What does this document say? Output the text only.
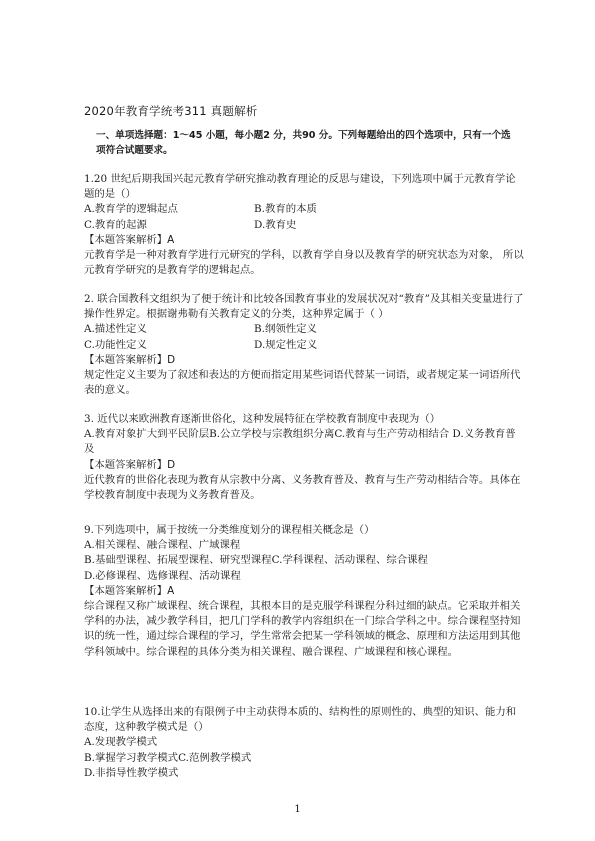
2020年教育学统考311 真题解析
一、单项选择题：1～45 小题，每小题2 分，共90 分。下列每题给出的四个选项中，只有一个选项符合试题要求。

1.20 世纪后期我国兴起元教育学研究推动教育理论的反思与建设，下列选项中属于元教育学论题的是（）

A.教育学的逻辑起点	B.教育的本质
C.教育的起源	D.教育史
【本题答案解析】A

元教育学是一种对教育学进行元研究的学科，以教育学自身以及教育学的研究状态为对象， 所以元教育学研究的是教育学的逻辑起点。

2. 联合国教科文组织为了便于统计和比较各国教育事业的发展状况对“教育”及其相关变量进行了操作性界定。根据谢弗勒有关教育定义的分类，这种界定属于（ ）

A.描述性定义	B.纲领性定义
C.功能性定义	D.规定性定义
【本题答案解析】D

规定性定义主要为了叙述和表达的方便而指定用某些词语代替某一词语，或者规定某一词语所代表的意义。

3. 近代以来欧洲教育逐渐世俗化，这种发展特征在学校教育制度中表现为（）

A.教育对象扩大到平民阶层B.公立学校与宗教组织分离C.教育与生产劳动相结合 D.义务教育普及

【本题答案解析】D

近代教育的世俗化表现为教育从宗教中分离、义务教育普及、教育与生产劳动相结合等。具体在学校教育制度中表现为义务教育普及。

9.下列选项中，属于按统一分类维度划分的课程相关概念是（）

A.相关课程、融合课程、广域课程
B.基础型课程、拓展型课程、研究型课程C.学科课程、活动课程、综合课程
D.必修课程、选修课程、活动课程
【本题答案解析】A

综合课程又称广域课程、统合课程，其根本目的是克服学科课程分科过细的缺点。它采取并相关学科的办法，减少教学科目，把几门学科的教学内容组织在一门综合学科之中。综合课程坚持知识的统一性，通过综合课程的学习，学生常常会把某一学科领域的概念、原理和方法运用到其他学科领域中。综合课程的具体分类为相关课程、融合课程、广域课程和核心课程。

10.让学生从选择出来的有限例子中主动获得本质的、结构性的原则性的、典型的知识、能力和态度，这种教学模式是（）

A.发现教学模式
B.掌握学习教学模式C.范例教学模式
D.非指导性教学模式
1
